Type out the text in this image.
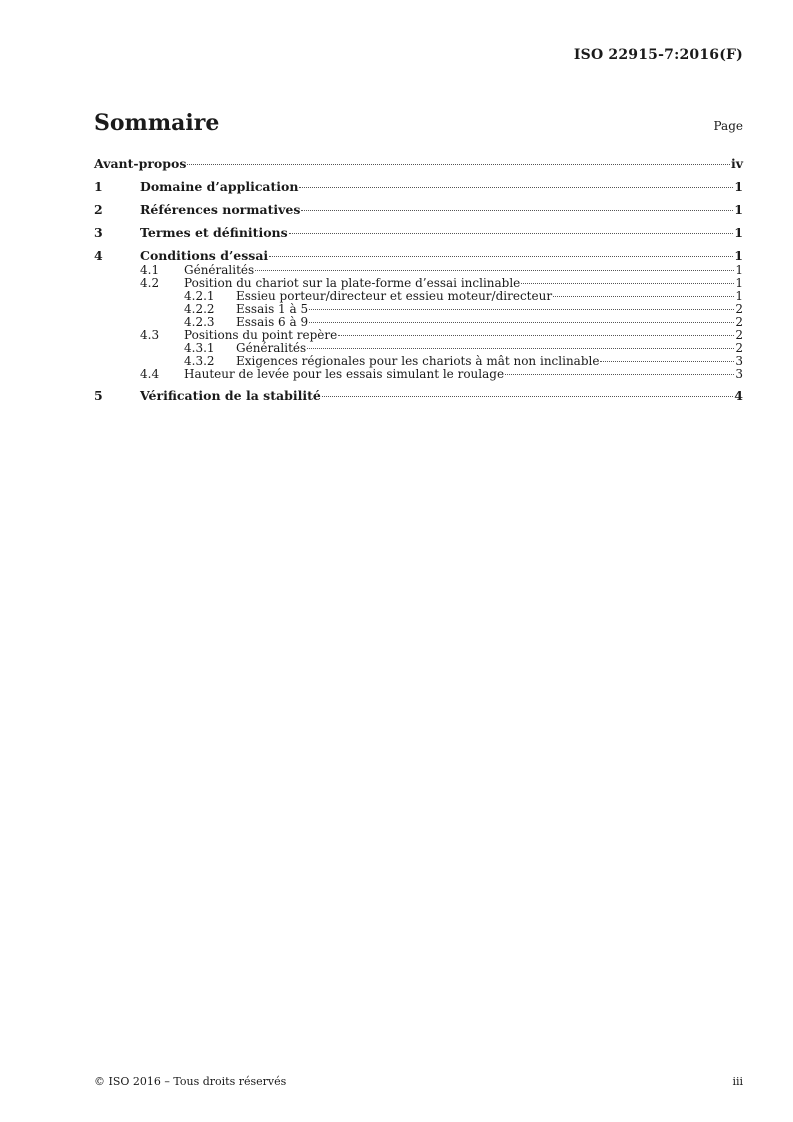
ISO 22915-7:2016(F)
Sommaire	Page
Avant-propos	iv
1	Domaine d’application	1
2	Références normatives	1
3	Termes et définitions	1
4	Conditions d’essai	1
4.1	Généralités	1
4.2	Position du chariot sur la plate-forme d’essai inclinable	1
4.2.1	Essieu porteur/directeur et essieu moteur/directeur	1
4.2.2	Essais 1 à 5	2
4.2.3	Essais 6 à 9	2
4.3	Positions du point repère	2
4.3.1	Généralités	2
4.3.2	Exigences régionales pour les chariots à mât non inclinable	3
4.4	Hauteur de levée pour les essais simulant le roulage	3
5	Vérification de la stabilité	4
© ISO 2016 – Tous droits réservés	iii
